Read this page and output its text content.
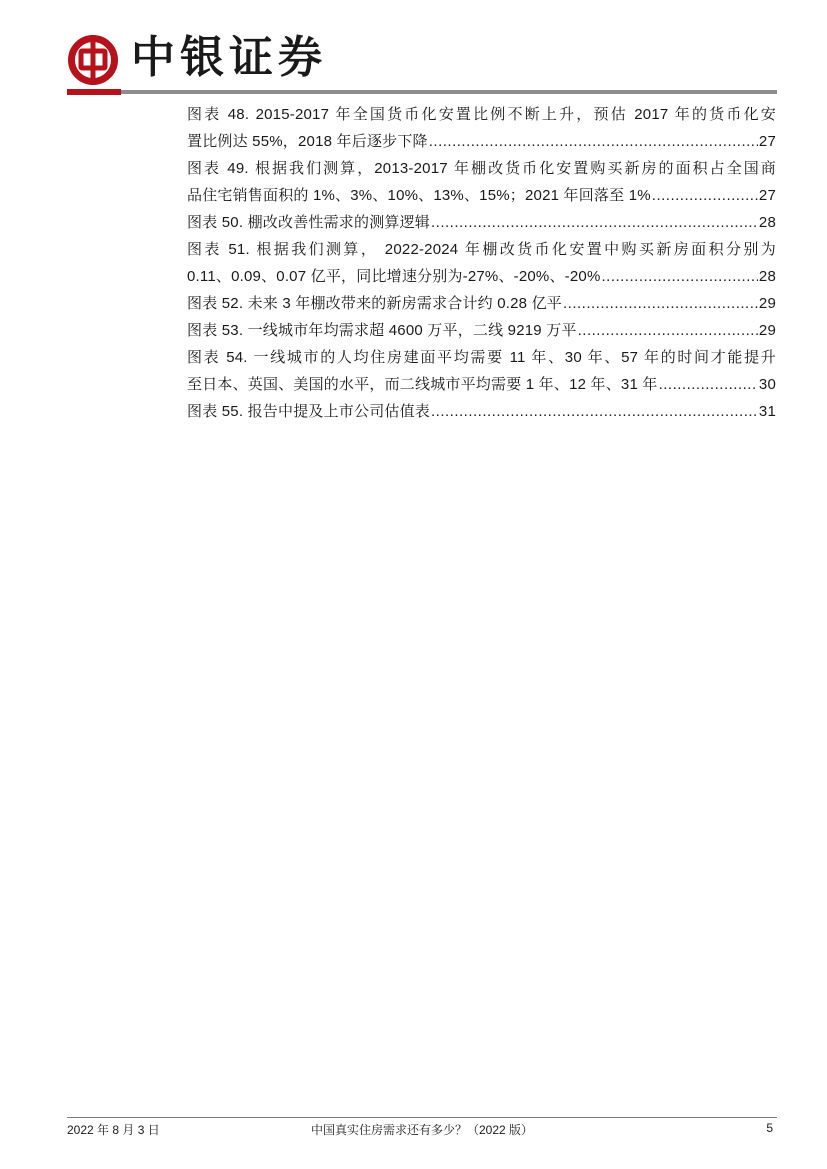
中银证券
图表 48. 2015-2017 年全国货币化安置比例不断上升，预估 2017 年的货币化安
置比例达 55%，2018 年后逐步下降 .....	27
图表 49. 根据我们测算，2013-2017 年棚改货币化安置购买新房的面积占全国商
品住宅销售面积的 1%、3%、10%、13%、15%；2021 年回落至 1% .....	27
图表 50. 棚改改善性需求的测算逻辑 .....	28
图表 51. 根据我们测算， 2022-2024 年棚改货币化安置中购买新房面积分别为
0.11、0.09、0.07 亿平，同比增速分别为-27%、-20%、-20% .....	28
图表 52. 未来 3 年棚改带来的新房需求合计约 0.28 亿平 .....	29
图表 53. 一线城市年均需求超 4600 万平，二线 9219 万平 .....	29
图表 54. 一线城市的人均住房建面平均需要 11 年、30 年、57 年的时间才能提升
至日本、英国、美国的水平，而二线城市平均需要 1 年、12 年、31 年 .....	30
图表 55. 报告中提及上市公司估值表 .....	31
2022 年 8 月 3 日	中国真实住房需求还有多少？（2022 版）	5
